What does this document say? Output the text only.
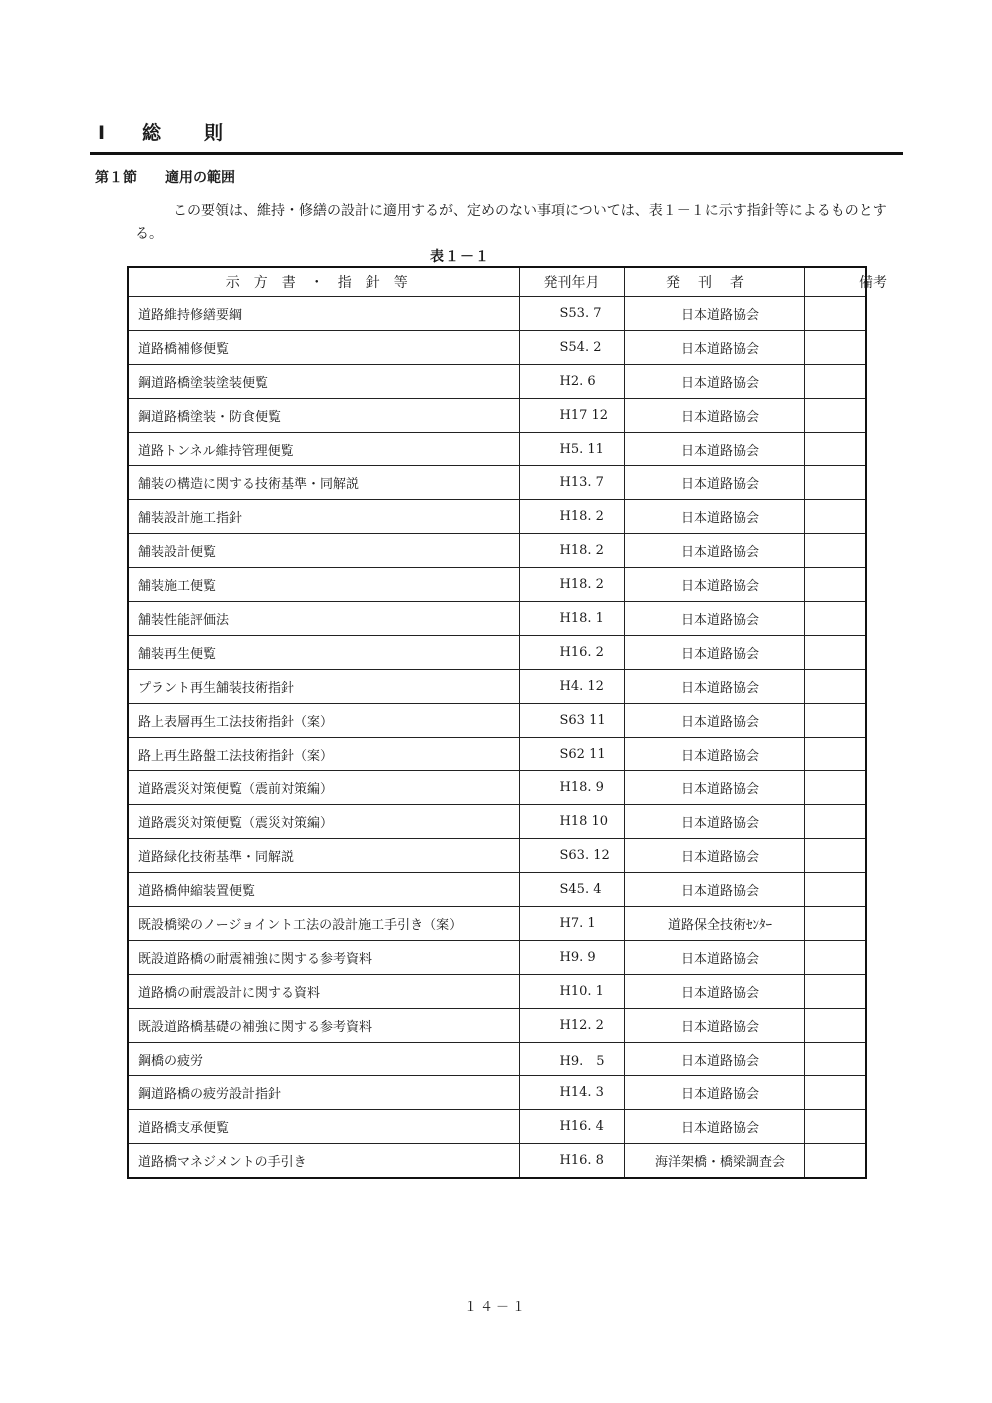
Ⅰ 総 則
第１節 適用の範囲

この要領は、維持・修繕の設計に適用するが、定めのない事項については、表１－１に示す指針等によるものとする。

表１－１
示方書・指針等	発刊年月	発刊者	備考
道路維持修繕要綱	S53. 7	日本道路協会	
道路橋補修便覧	S54. 2	日本道路協会	
鋼道路橋塗装塗装便覧	H2. 6	日本道路協会	
鋼道路橋塗装・防食便覧	H17 12	日本道路協会	
道路トンネル維持管理便覧	H5. 11	日本道路協会	
舗装の構造に関する技術基準・同解説	H13. 7	日本道路協会	
舗装設計施工指針	H18. 2	日本道路協会	
舗装設計便覧	H18. 2	日本道路協会	
舗装施工便覧	H18. 2	日本道路協会	
舗装性能評価法	H18. 1	日本道路協会	
舗装再生便覧	H16. 2	日本道路協会	
プラント再生舗装技術指針	H4. 12	日本道路協会	
路上表層再生工法技術指針（案）	S63 11	日本道路協会	
路上再生路盤工法技術指針（案）	S62 11	日本道路協会	
道路震災対策便覧（震前対策編）	H18. 9	日本道路協会	
道路震災対策便覧（震災対策編）	H18 10	日本道路協会	
道路緑化技術基準・同解説	S63. 12	日本道路協会	
道路橋伸縮装置便覧	S45. 4	日本道路協会	
既設橋梁のノージョイント工法の設計施工手引き（案）	H7. 1	道路保全技術ｾﾝﾀｰ	
既設道路橋の耐震補強に関する参考資料	H9. 9	日本道路協会	
道路橋の耐震設計に関する資料	H10. 1	日本道路協会	
既設道路橋基礎の補強に関する参考資料	H12. 2	日本道路協会	
鋼橋の疲労	H9.　5	日本道路協会	
鋼道路橋の疲労設計指針	H14. 3	日本道路協会	
道路橋支承便覧	H16. 4	日本道路協会	
道路橋マネジメントの手引き	H16. 8	海洋架橋・橋梁調査会	
１４－１
